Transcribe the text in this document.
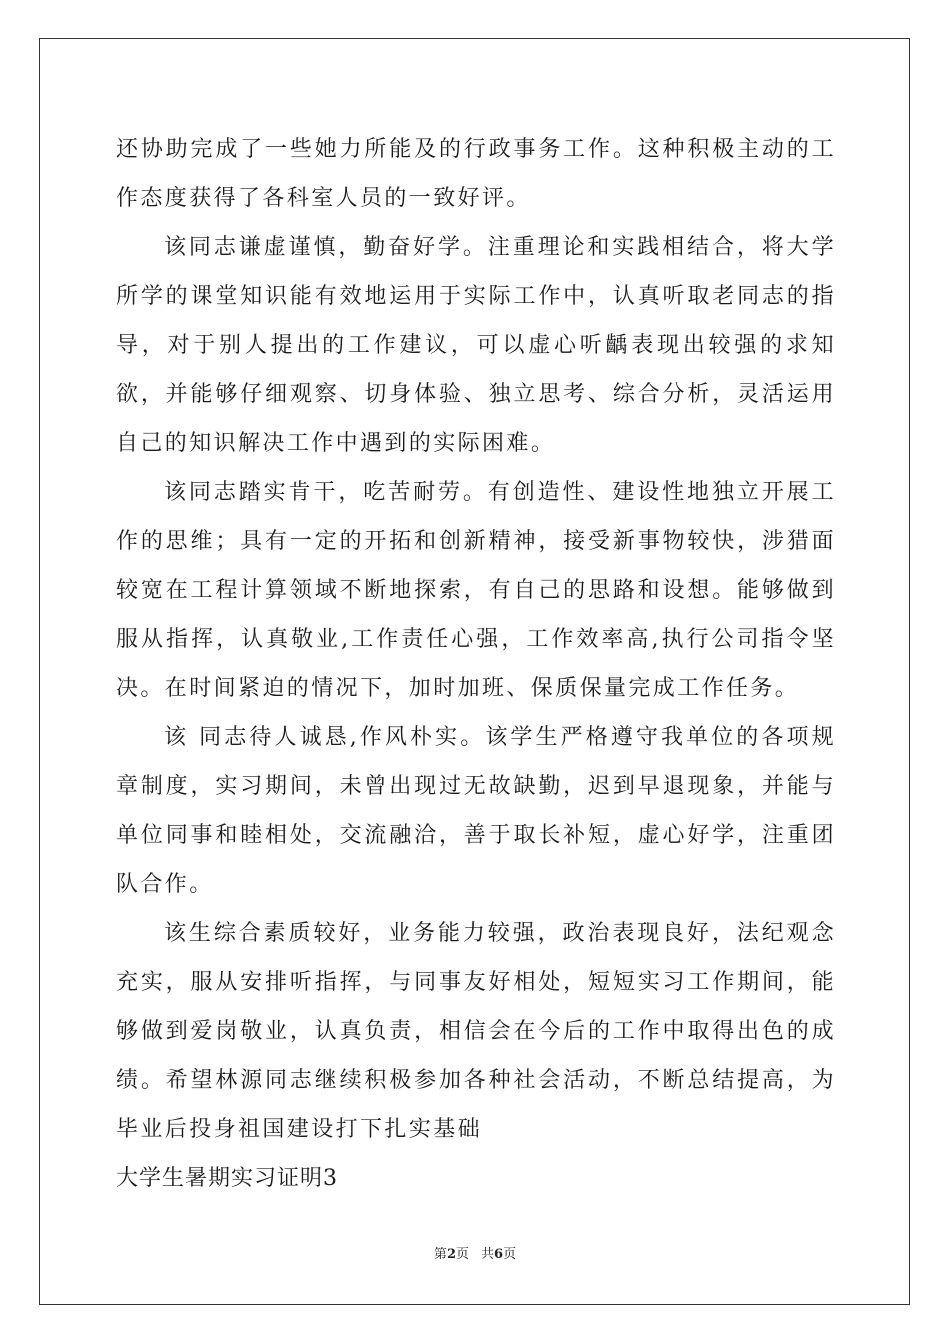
还协助完成了一些她力所能及的行政事务工作。这种积极主动的工作态度获得了各科室人员的一致好评。

该同志谦虚谨慎，勤奋好学。注重理论和实践相结合，将大学所学的课堂知识能有效地运用于实际工作中，认真听取老同志的指导，对于别人提出的工作建议，可以虚心听齲表现出较强的求知欲，并能够仔细观察、切身体验、独立思考、综合分析，灵活运用自己的知识解决工作中遇到的实际困难。

该同志踏实肯干，吃苦耐劳。有创造性、建设性地独立开展工作的思维；具有一定的开拓和创新精神，接受新事物较快，涉猎面较宽在工程计算领域不断地探索，有自己的思路和设想。能够做到服从指挥，认真敬业,工作责任心强，工作效率高,执行公司指令坚决。在时间紧迫的情况下，加时加班、保质保量完成工作任务。

该 同志待人诚恳,作风朴实。该学生严格遵守我单位的各项规章制度，实习期间，未曾出现过无故缺勤，迟到早退现象，并能与单位同事和睦相处，交流融洽，善于取长补短，虚心好学，注重团队合作。

该生综合素质较好，业务能力较强，政治表现良好，法纪观念充实，服从安排听指挥，与同事友好相处，短短实习工作期间，能够做到爱岗敬业，认真负责，相信会在今后的工作中取得出色的成绩。希望林源同志继续积极参加各种社会活动，不断总结提高，为毕业后投身祖国建设打下扎实基础

大学生暑期实习证明3

第2页 共6页
